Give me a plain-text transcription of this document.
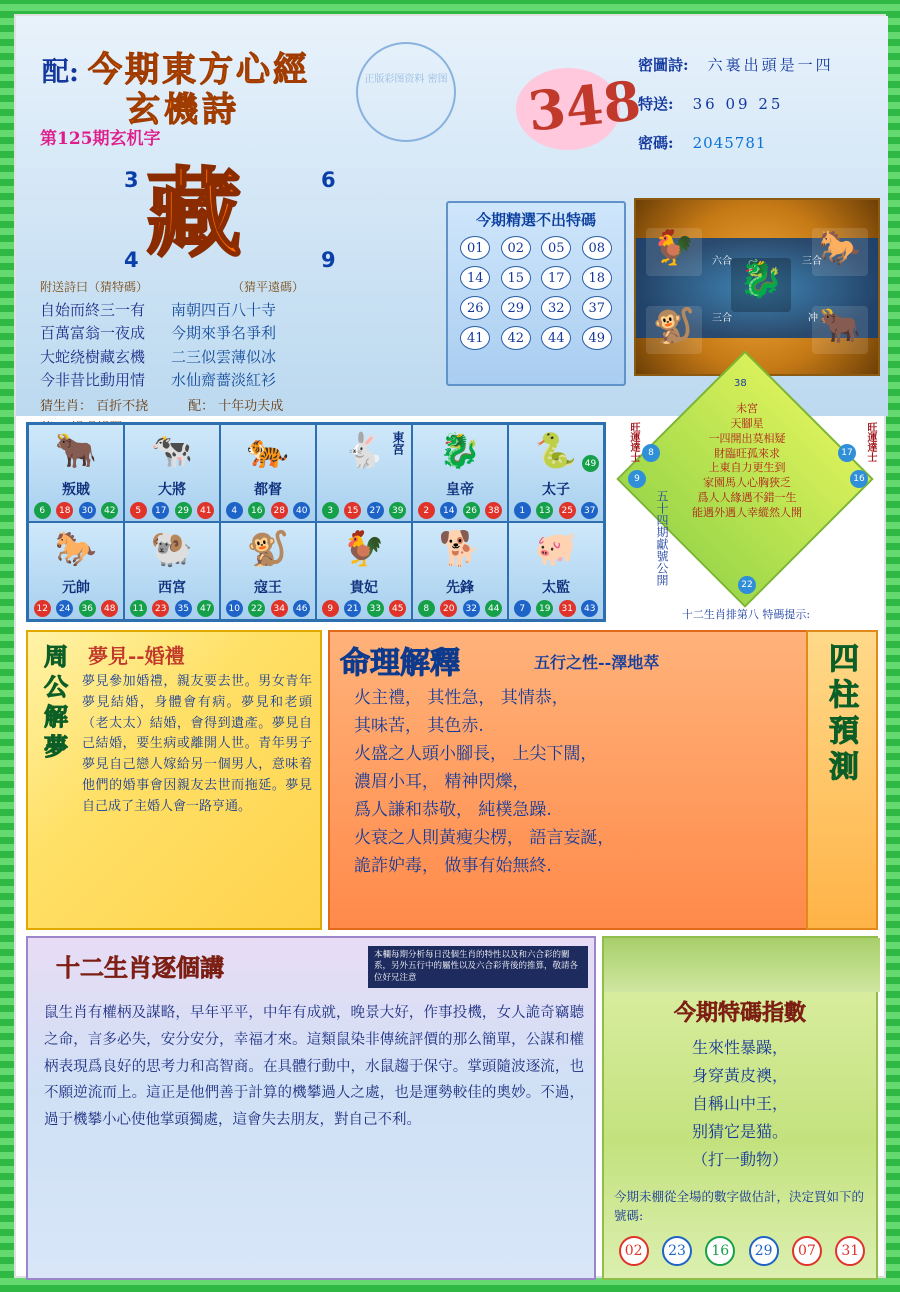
配: 今期東方心經
玄機詩
第125期玄机字
3	6
4	9
藏
正版彩图资料 密图 348
密圖詩: 六裏出頭是一四
特送: 36 09 25
密碼: 2045781
附送詩曰（猜特碼）	（猜平遠碼）
自始而終三一有
百萬富翁一夜成
大蛇绕樹藏玄機
今非昔比動用情
南朝四百八十寺
今期來爭名爭利
二三似雲薄似冰
水仙齋薔淡紅衫
猜生肖： 百折不挠	配： 十年功夫成
今期精選不出特碼
01	02	05	08
14	15	17	18
26	29	32	37
41	42	44	49
🐓	🐎
🐒	🐂
🐉
六合	三合
三合	冲
🐂
叛賊
6	18	30	42
🐄
大將
5	17	29	41
🐅
都督
4	16	28	40
🐇 東宮
3	15	27	39
🐉
皇帝
2	14	26	38
🐍 49
太子
1	13	25	37
🐎
元帥
12	24	36	48
🐏
西宮
11	23	35	47
🐒
寇王
10	22	34	46
🐓
貴妃
9	21	33	45
🐕
先鋒
8	20	32	44
🐖
太監
7	19	31	43
38
未宮
天腳星
一四開出莫相疑
財臨旺孤來求
上東自力更生到
家園馬人心胸狹乏
爲人人緣遇不錯一生
能遇外遇人幸縱然人開
8
9
17
16
22
旺運達士	旺運達士
五十四期獻號公開
十二生肖排第八 特碼提示:
周
公
解
夢
夢見--婚禮
夢見參加婚禮，親友要去世。男女青年夢見結婚，身體會有病。夢見和老頭（老太太）結婚，會得到遺產。夢見自己結婚，要生病或離開人世。青年男子夢見自己戀人嫁給另一個男人，意味着他們的婚事會因親友去世而拖延。夢見自己成了主婚人會一路亨通。
命理解釋	五行之性--澤地萃
火主禮， 其性急， 其情恭，
其味苦， 其色赤.
火盛之人頭小腳長， 上尖下闊，
濃眉小耳， 精神閃爍，
爲人謙和恭敬， 純樸急躁.
火衰之人則黃瘦尖楞， 語言妄誕，
詭詐妒毒， 做事有始無終.
四
柱
預
測
十二生肖逐個講	本欄每期分析每日没個生肖的特性以及和六合彩的關系，另外五行中的屬性以及六合彩背後的推算，敬請各位好兄注意
鼠生肖有權柄及謀略，早年平平，中年有成就，晚景大好，作事投機，女人詭奇竊聽之命，言多必失，安分安分，幸福才來。這類鼠染非傳統評價的那么簡單，公謀和權柄表現爲良好的思考力和高智商。在具體行動中，水鼠趨于保守。掌頭隨波逐流，也不願逆流而上。這正是他們善于計算的機攀過人之處，也是運勢較佳的奧妙。不過，過于機攀小心使他掌頭獨處，這會失去朋友，對自己不利。
今期特碼指數
生來性暴躁，
身穿黃皮襖，
自稱山中王，
别猜它是猫。
（打一動物）
今期未棚從全場的數字做估計，決定買如下的號碼:
02	23	16	29	07	31
